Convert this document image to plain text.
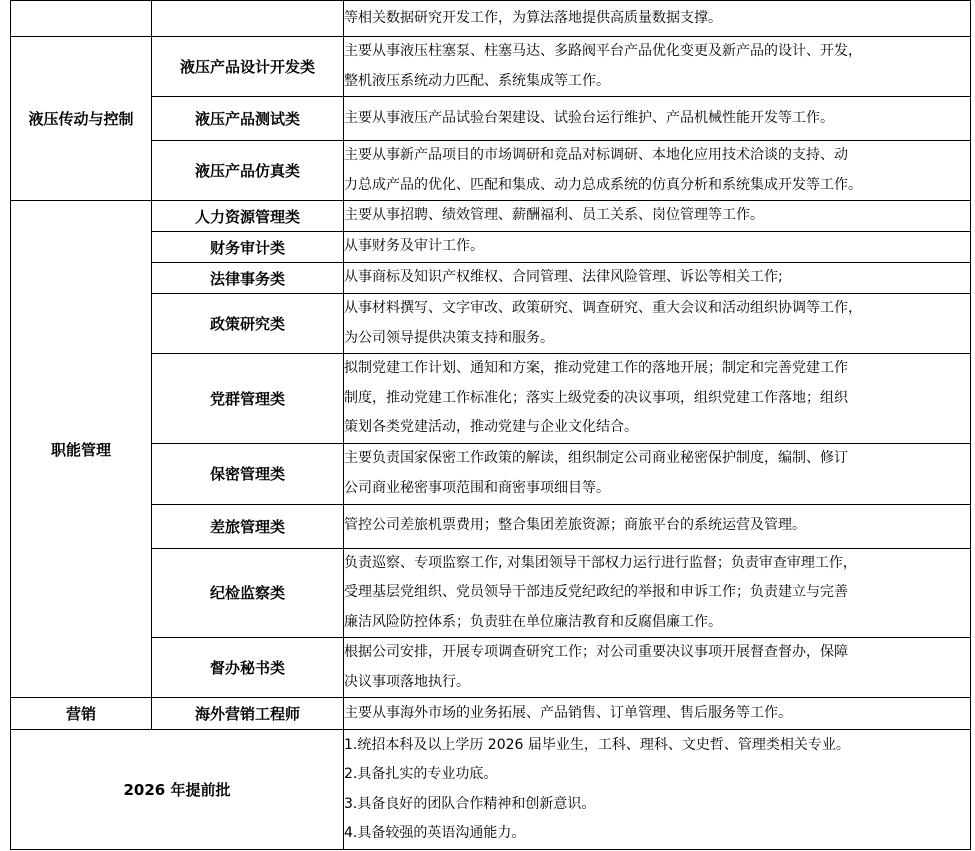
		等相关数据研究开发工作，为算法落地提供高质量数据支撑。

液压传动与控制	液压产品设计开发类	主要从事液压柱塞泵、柱塞马达、多路阀平台产品优化变更及新产品的设计、开发，
整机液压系统动力匹配、系统集成等工作。

	液压产品测试类	主要从事液压产品试验台架建设、试验台运行维护、产品机械性能开发等工作。

	液压产品仿真类	主要从事新产品项目的市场调研和竞品对标调研、本地化应用技术洽谈的支持、动
力总成产品的优化、匹配和集成、动力总成系统的仿真分析和系统集成开发等工作。

职能管理	人力资源管理类	主要从事招聘、绩效管理、薪酬福利、员工关系、岗位管理等工作。

	财务审计类	从事财务及审计工作。

	法律事务类	从事商标及知识产权维权、合同管理、法律风险管理、诉讼等相关工作;

	政策研究类	从事材料撰写、文字审改、政策研究、调查研究、重大会议和活动组织协调等工作，
为公司领导提供决策支持和服务。

	党群管理类	拟制党建工作计划、通知和方案，推动党建工作的落地开展；制定和完善党建工作
制度，推动党建工作标准化；落实上级党委的决议事项，组织党建工作落地；组织
策划各类党建活动，推动党建与企业文化结合。

	保密管理类	主要负责国家保密工作政策的解读，组织制定公司商业秘密保护制度，编制、修订
公司商业秘密事项范围和商密事项细目等。

	差旅管理类	管控公司差旅机票费用；整合集团差旅资源；商旅平台的系统运营及管理。

	纪检监察类	负责巡察、专项监察工作, 对集团领导干部权力运行进行监督；负责审查审理工作，
受理基层党组织、党员领导干部违反党纪政纪的举报和申诉工作；负责建立与完善
廉洁风险防控体系；负责驻在单位廉洁教育和反腐倡廉工作。

	督办秘书类	根据公司安排，开展专项调查研究工作；对公司重要决议事项开展督查督办，保障
决议事项落地执行。

营销	海外营销工程师	主要从事海外市场的业务拓展、产品销售、订单管理、售后服务等工作。

2026 年提前批		1.统招本科及以上学历 2026 届毕业生，工科、理科、文史哲、管理类相关专业。
2.具备扎实的专业功底。
3.具备良好的团队合作精神和创新意识。
4.具备较强的英语沟通能力。
